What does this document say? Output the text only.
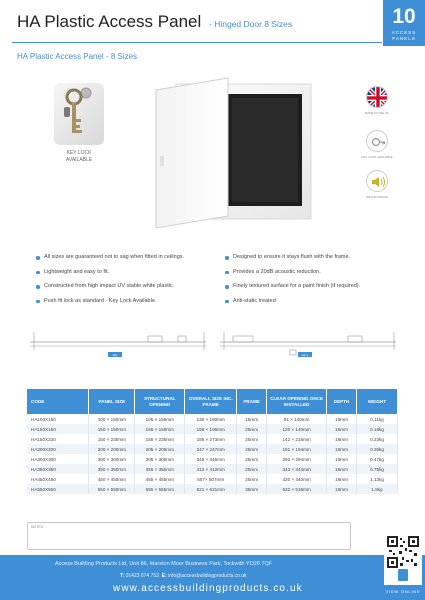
HA Plastic Access Panel - Hinged Door 8 Sizes	10
ACCESS
PANELS
HA Plastic Access Panel - 8 Sizes
KEY LOCK
AVAILABLE
MADE IN THE UK
KEY LOCK AVAILABLE
SOUND PROOF
All sizes are guaranteed not to sag when fitted in ceilings.
Lightweight and easy to fit.
Constructed from high impact UV stable white plastic.
Push fit lock as standard - Key Lock Available.
Designed to ensure it stays flush with the frame.
Provides a 20dB acoustic reduction.
Finely textured surface for a paint finish (if required).
Anti-static treated
WA	HA-L
CODE	PANEL SIZE	STRUCTURAL OPENING	OVERALL SIZE INC. FRAME	FRAME	CLEAR OPENING ONCE INSTALLED	DEPTH	WEIGHT
HA100X150	100 × 150mm	105 × 155mm	130 × 180mm	15mm	91 × 140mm	16mm	0.11kg
HA150X150	150 × 150mm	155 × 155mm	196 × 196mm	25mm	120 × 140mm	16mm	0.18kg
HA150X230	150 × 230mm	155 × 235mm	195 × 273mm	25mm	142 × 216mm	16mm	0.23kg
HA200X200	200 × 200mm	205 × 205mm	247 × 247mm	25mm	191 × 194mm	16mm	0.26kg
HA300X300	300 × 300mm	305 × 305mm	345 × 345mm	25mm	293 × 294mm	16mm	0.47kg
HA350X350	350 × 350mm	355 × 355mm	412 × 412mm	25mm	343 × 344mm	16mm	0.75kg
HA450X450	450 × 450mm	455 × 455mm	507× 507mm	25mm	420 × 440mm	16mm	1.13kg
HA550X550	550 × 550mm	555 × 555mm	621 × 621mm	35mm	532 × 516mm	16mm	1.8kg
NOTES:
Access Building Products Ltd, Unit 86, Marston Moor Business Park, Tockwith YO26 7QF
T: 01423 874 753 E: info@accessbuildingproducts.co.uk
www.accessbuildingproducts.co.uk	VIEW ONLINE
